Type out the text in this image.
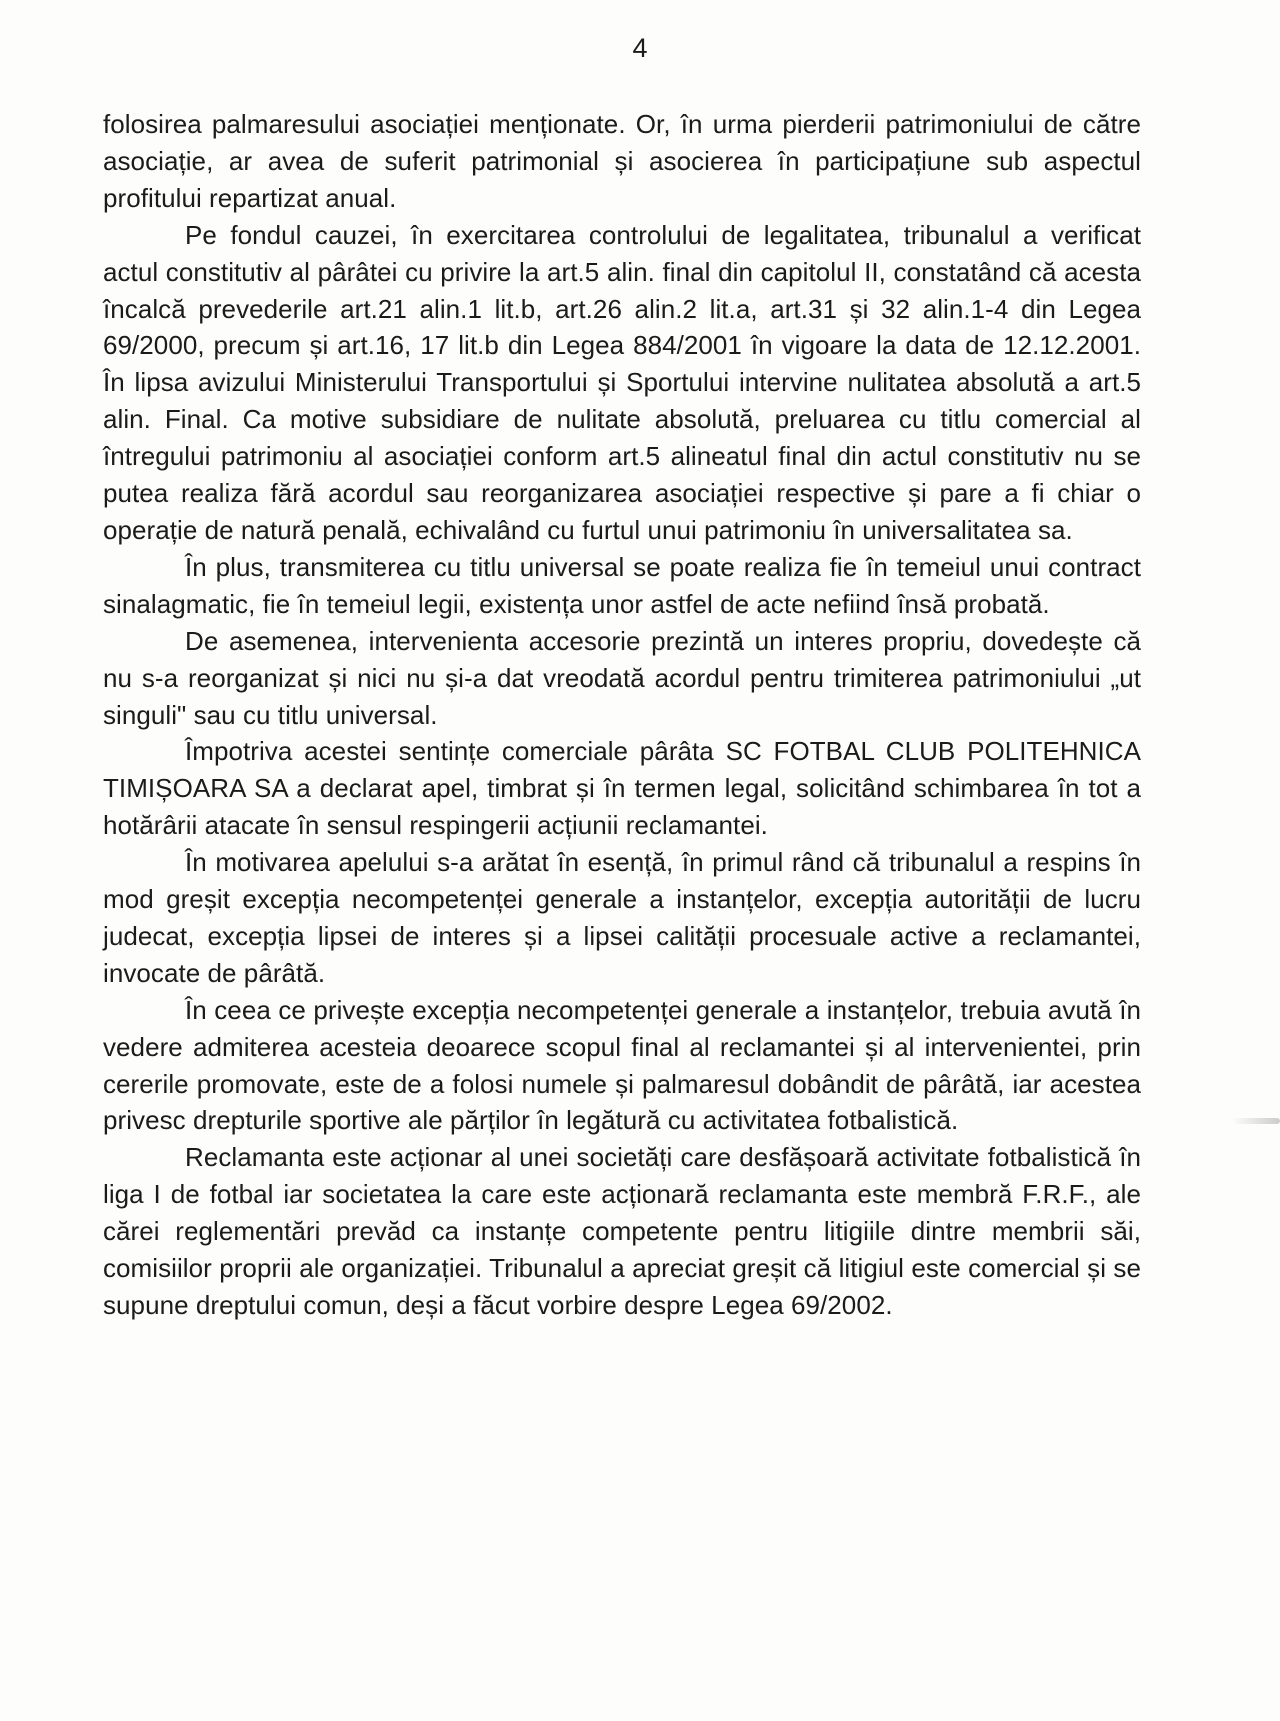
4

folosirea palmaresului asociației menționate. Or, în urma pierderii patrimoniului de către asociație, ar avea de suferit patrimonial și asocierea în participațiune sub aspectul profitului repartizat anual.

Pe fondul cauzei, în exercitarea controlului de legalitatea, tribunalul a verificat actul constitutiv al pârâtei cu privire la art.5 alin. final din capitolul II, constatând că acesta încalcă prevederile art.21 alin.1 lit.b, art.26 alin.2 lit.a, art.31 și 32 alin.1-4 din Legea 69/2000, precum și art.16, 17 lit.b din Legea 884/2001 în vigoare la data de 12.12.2001. În lipsa avizului Ministerului Transportului și Sportului intervine nulitatea absolută a art.5 alin. Final. Ca motive subsidiare de nulitate absolută, preluarea cu titlu comercial al întregului patrimoniu al asociației conform art.5 alineatul final din actul constitutiv nu se putea realiza fără acordul sau reorganizarea asociației respective și pare a fi chiar o operație de natură penală, echivalând cu furtul unui patrimoniu în universalitatea sa.

În plus, transmiterea cu titlu universal se poate realiza fie în temeiul unui contract sinalagmatic, fie în temeiul legii, existența unor astfel de acte nefiind însă probată.

De asemenea, intervenienta accesorie prezintă un interes propriu, dovedește că nu s-a reorganizat și nici nu și-a dat vreodată acordul pentru trimiterea patrimoniului „ut singuli" sau cu titlu universal.

Împotriva acestei sentințe comerciale pârâta SC FOTBAL CLUB POLITEHNICA TIMIȘOARA SA a declarat apel, timbrat și în termen legal, solicitând schimbarea în tot a hotărârii atacate în sensul respingerii acțiunii reclamantei.

În motivarea apelului s-a arătat în esență, în primul rând că tribunalul a respins în mod greșit excepția necompetenței generale a instanțelor, excepția autorității de lucru judecat, excepția lipsei de interes și a lipsei calității procesuale active a reclamantei, invocate de pârâtă.

În ceea ce privește excepția necompetenței generale a instanțelor, trebuia avută în vedere admiterea acesteia deoarece scopul final al reclamantei și al intervenientei, prin cererile promovate, este de a folosi numele și palmaresul dobândit de pârâtă, iar acestea privesc drepturile sportive ale părților în legătură cu activitatea fotbalistică.

Reclamanta este acționar al unei societăți care desfășoară activitate fotbalistică în liga I de fotbal iar societatea la care este acționară reclamanta este membră F.R.F., ale cărei reglementări prevăd ca instanțe competente pentru litigiile dintre membrii săi, comisiilor proprii ale organizației. Tribunalul a apreciat greșit că litigiul este comercial și se supune dreptului comun, deși a făcut vorbire despre Legea 69/2002.
